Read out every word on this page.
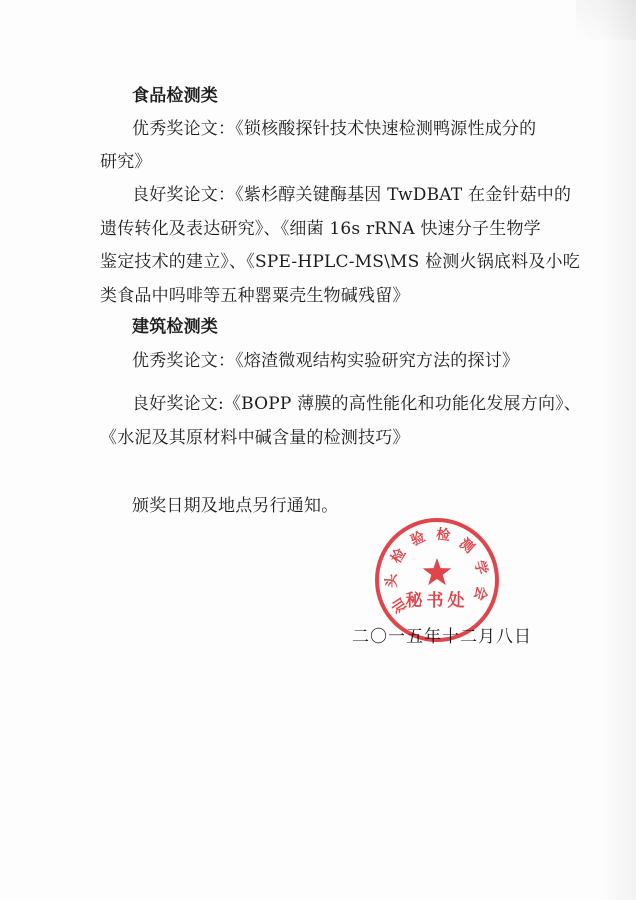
食品检测类
优秀奖论文：《锁核酸探针技术快速检测鸭源性成分的
研究》
良好奖论文：《紫杉醇关键酶基因 TwDBAT 在金针菇中的
遗传转化及表达研究》、《细菌 16s rRNA 快速分子生物学
鉴定技术的建立》、《SPE-HPLC-MS\MS 检测火锅底料及小吃
类食品中吗啡等五种罂粟壳生物碱残留》
建筑检测类
优秀奖论文：《熔渣微观结构实验研究方法的探讨》
良好奖论文:《BOPP 薄膜的高性能化和功能化发展方向》、
《水泥及其原材料中碱含量的检测技巧》
颁奖日期及地点另行通知。
二〇一五年十二月八日
汕
头
检
验 检 测
学
会
秘书处
